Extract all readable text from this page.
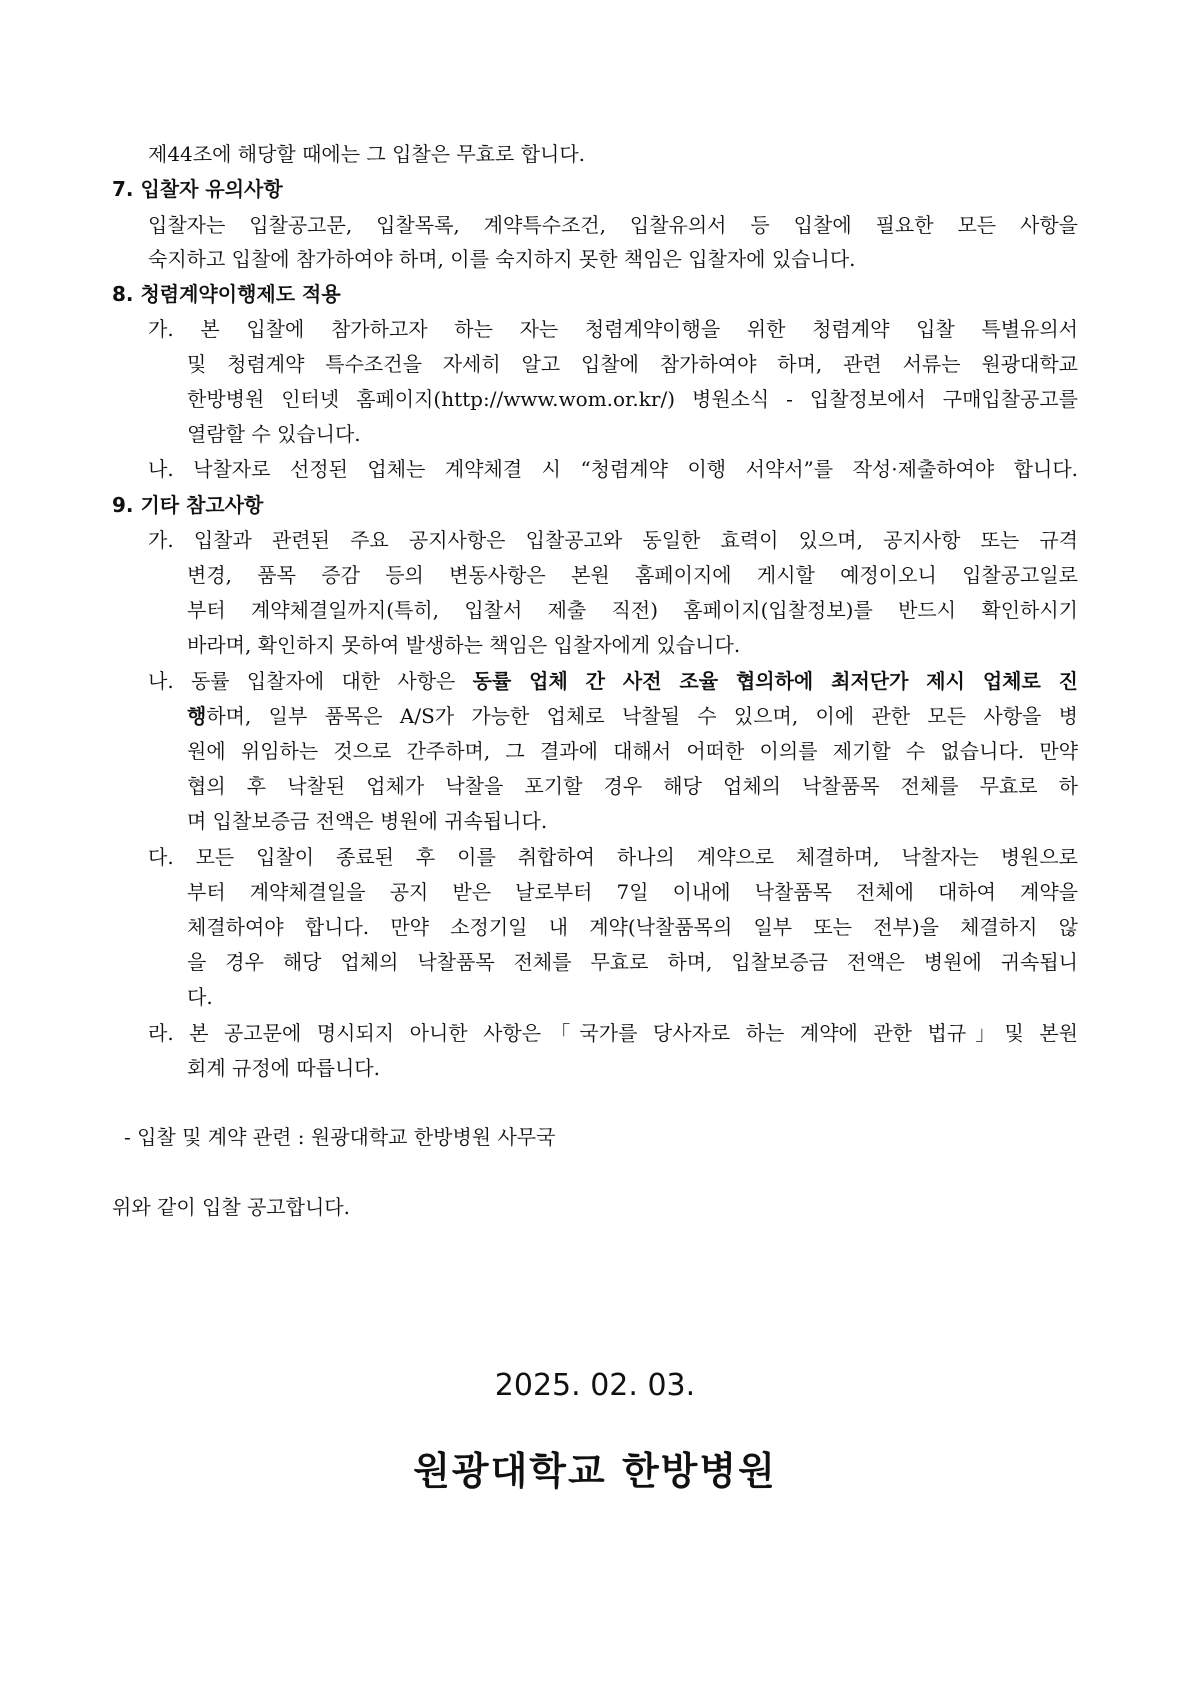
제44조에 해당할 때에는 그 입찰은 무효로 합니다.
7. 입찰자 유의사항
입찰자는 입찰공고문, 입찰목록, 계약특수조건, 입찰유의서 등 입찰에 필요한 모든 사항을
숙지하고 입찰에 참가하여야 하며, 이를 숙지하지 못한 책임은 입찰자에 있습니다.
8. 청렴계약이행제도 적용
가. 본 입찰에 참가하고자 하는 자는 청렴계약이행을 위한 청렴계약 입찰 특별유의서
및 청렴계약 특수조건을 자세히 알고 입찰에 참가하여야 하며, 관련 서류는 원광대학교
한방병원 인터넷 홈페이지(http://www.wom.or.kr/) 병원소식 - 입찰정보에서 구매입찰공고를
열람할 수 있습니다.
나. 낙찰자로 선정된 업체는 계약체결 시 “청렴계약 이행 서약서”를 작성·제출하여야 합니다.
9. 기타 참고사항
가. 입찰과 관련된 주요 공지사항은 입찰공고와 동일한 효력이 있으며, 공지사항 또는 규격
변경, 품목 증감 등의 변동사항은 본원 홈페이지에 게시할 예정이오니 입찰공고일로
부터 계약체결일까지(특히, 입찰서 제출 직전) 홈페이지(입찰정보)를 반드시 확인하시기
바라며, 확인하지 못하여 발생하는 책임은 입찰자에게 있습니다.
나. 동률 입찰자에 대한 사항은 동률 업체 간 사전 조율 협의하에 최저단가 제시 업체로 진
행하며, 일부 품목은 A/S가 가능한 업체로 낙찰될 수 있으며, 이에 관한 모든 사항을 병
원에 위임하는 것으로 간주하며, 그 결과에 대해서 어떠한 이의를 제기할 수 없습니다. 만약
협의 후 낙찰된 업체가 낙찰을 포기할 경우 해당 업체의 낙찰품목 전체를 무효로 하
며 입찰보증금 전액은 병원에 귀속됩니다.
다. 모든 입찰이 종료된 후 이를 취합하여 하나의 계약으로 체결하며, 낙찰자는 병원으로
부터 계약체결일을 공지 받은 날로부터 7일 이내에 낙찰품목 전체에 대하여 계약을
체결하여야 합니다. 만약 소정기일 내 계약(낙찰품목의 일부 또는 전부)을 체결하지 않
을 경우 해당 업체의 낙찰품목 전체를 무효로 하며, 입찰보증금 전액은 병원에 귀속됩니
다.
라. 본 공고문에 명시되지 아니한 사항은「국가를 당사자로 하는 계약에 관한 법규」및 본원
회계 규정에 따릅니다.
- 입찰 및 계약 관련 : 원광대학교 한방병원 사무국
위와 같이 입찰 공고합니다.
2025. 02. 03.
원광대학교 한방병원
